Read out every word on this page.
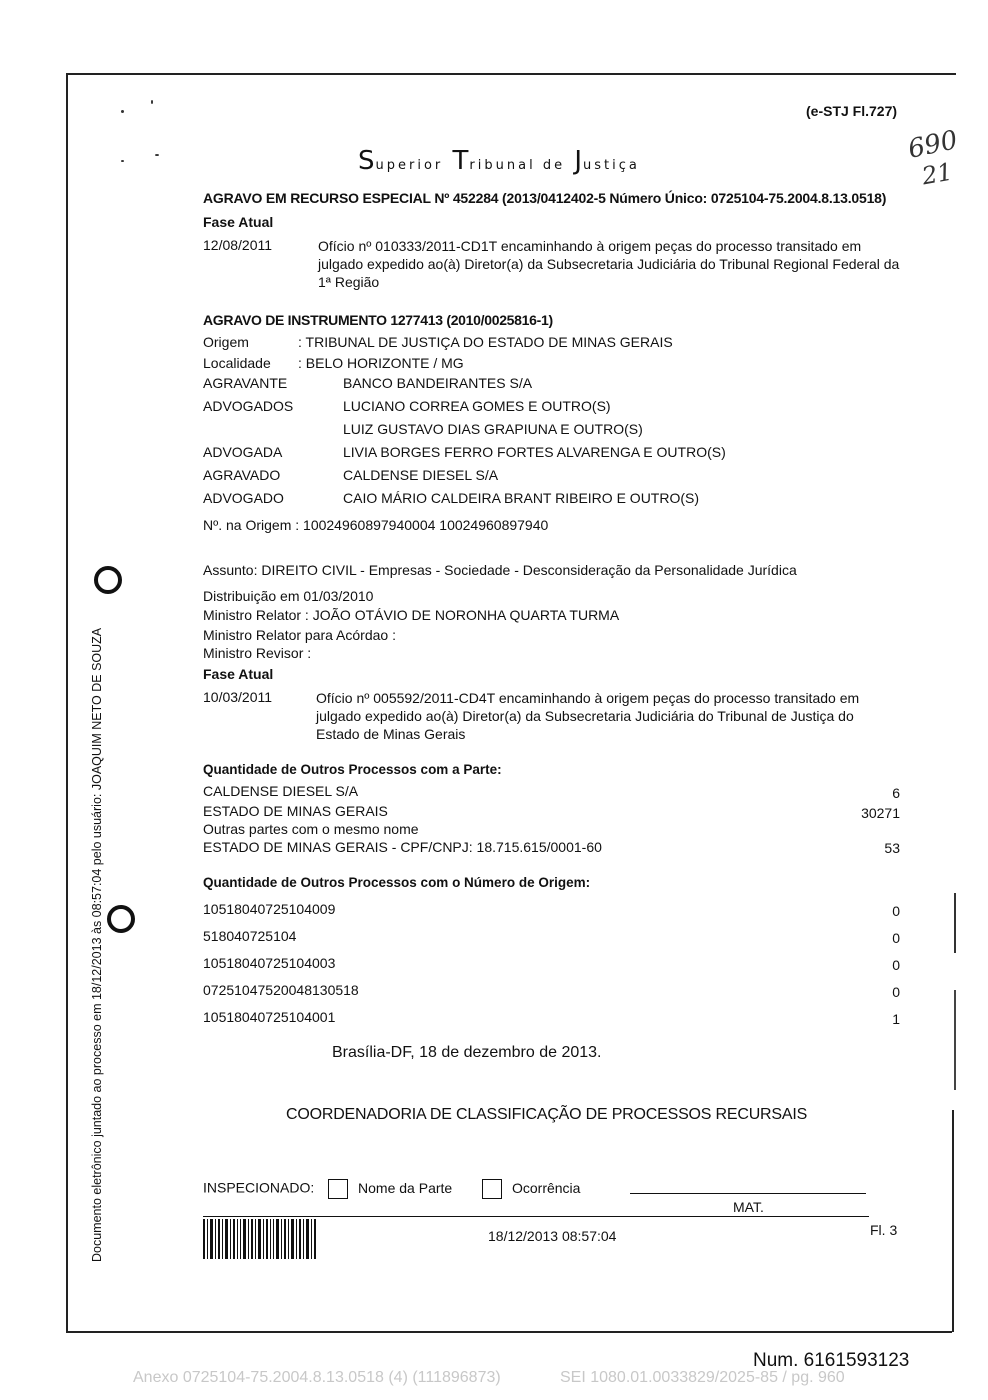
(e-STJ Fl.727)
Superior Tribunal de Justiça
690
21
AGRAVO EM RECURSO ESPECIAL Nº 452284 (2013/0412402-5 Número Único: 0725104-75.2004.8.13.0518)
Fase Atual
12/08/2011	Ofício nº 010333/2011-CD1T encaminhando à origem peças do processo transitado em
julgado expedido ao(à) Diretor(a) da Subsecretaria Judiciária do Tribunal Regional Federal da
1ª Região
AGRAVO DE INSTRUMENTO 1277413 (2010/0025816-1)
Origem	: TRIBUNAL DE JUSTIÇA DO ESTADO DE MINAS GERAIS
Localidade : BELO HORIZONTE / MG
AGRAVANTE	BANCO BANDEIRANTES S/A
ADVOGADOS	LUCIANO CORREA GOMES E OUTRO(S)
LUIZ GUSTAVO DIAS GRAPIUNA E OUTRO(S)
ADVOGADA	LIVIA BORGES FERRO FORTES ALVARENGA E OUTRO(S)
AGRAVADO	CALDENSE DIESEL S/A
ADVOGADO	CAIO MÁRIO CALDEIRA BRANT RIBEIRO E OUTRO(S)
Nº. na Origem : 10024960897940004 10024960897940
Assunto: DIREITO CIVIL - Empresas - Sociedade - Desconsideração da Personalidade Jurídica
Distribuição em 01/03/2010
Ministro Relator : JOÃO OTÁVIO DE NORONHA QUARTA TURMA
Ministro Relator para Acórdao :
Ministro Revisor :
Fase Atual
10/03/2011	Ofício nº 005592/2011-CD4T encaminhando à origem peças do processo transitado em
julgado expedido ao(à) Diretor(a) da Subsecretaria Judiciária do Tribunal de Justiça do
Estado de Minas Gerais
Quantidade de Outros Processos com a Parte:
CALDENSE DIESEL S/A	6
ESTADO DE MINAS GERAIS	30271
Outras partes com o mesmo nome
ESTADO DE MINAS GERAIS - CPF/CNPJ: 18.715.615/0001-60	53
Quantidade de Outros Processos com o Número de Origem:
10518040725104009	0
518040725104	0
10518040725104003	0
07251047520048130518	0
10518040725104001	1
Brasília-DF, 18 de dezembro de 2013.
COORDENADORIA DE CLASSIFICAÇÃO DE PROCESSOS RECURSAIS
INSPECIONADO:	Nome da Parte	Ocorrência
MAT.
18/12/2013 08:57:04	Fl. 3
Documento eletrônico juntado ao processo em 18/12/2013 às 08:57:04 pelo usuário: JOAQUIM NETO DE SOUZA
Num. 6161593123
Anexo 0725104-75.2004.8.13.0518 (4) (111896873)	SEI 1080.01.0033829/2025-85 / pg. 960
